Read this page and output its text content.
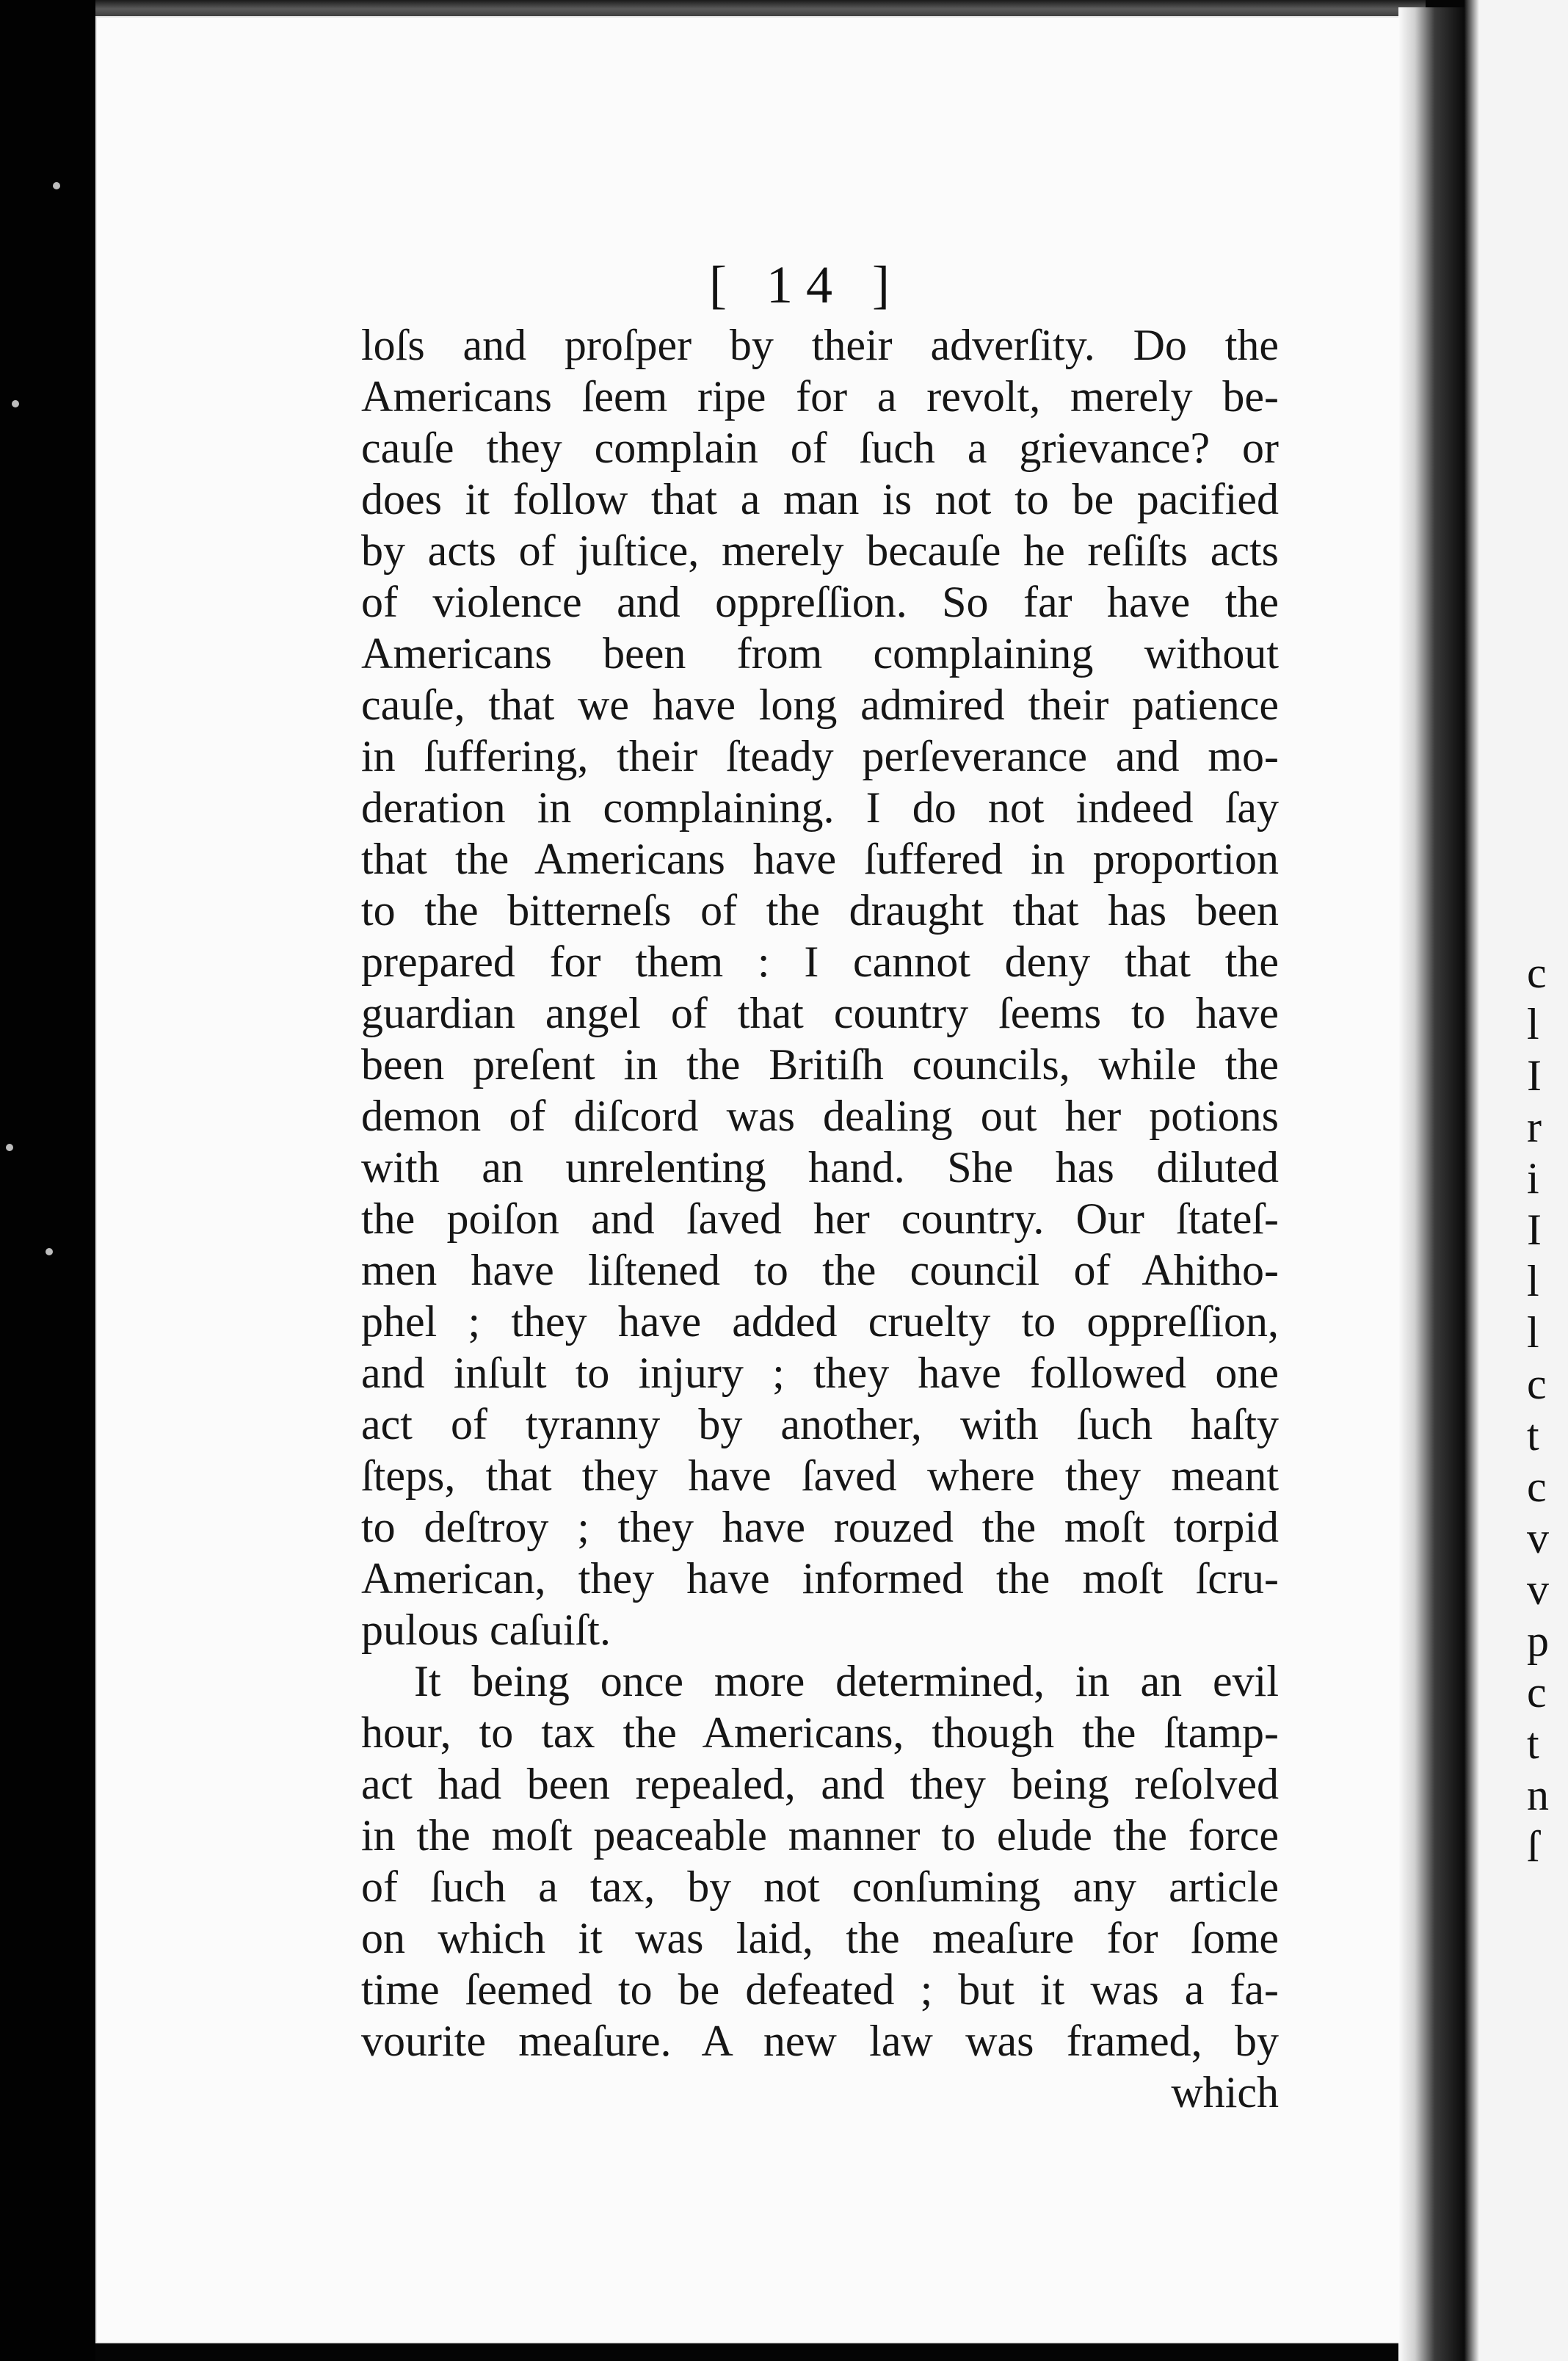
c
l
I
r
i
I
l
l
c
t
c
v
v
p
c
t
n
ſ
[ 14 ]
loſs and proſper by their adverſity. Do the
Americans ſeem ripe for a revolt, merely be-
cauſe they complain of ſuch a grievance? or
does it follow that a man is not to be pacified
by acts of juſtice, merely becauſe he reſiſts acts
of violence and oppreſſion. So far have the
Americans been from complaining without
cauſe, that we have long admired their patience
in ſuffering, their ſteady perſeverance and mo-
deration in complaining. I do not indeed ſay
that the Americans have ſuffered in proportion
to the bitterneſs of the draught that has been
prepared for them : I cannot deny that the
guardian angel of that country ſeems to have
been preſent in the Britiſh councils, while the
demon of diſcord was dealing out her potions
with an unrelenting hand. She has diluted
the poiſon and ſaved her country. Our ſtateſ-
men have liſtened to the council of Ahitho-
phel ; they have added cruelty to oppreſſion,
and inſult to injury ; they have followed one
act of tyranny by another, with ſuch haſty
ſteps, that they have ſaved where they meant
to deſtroy ; they have rouzed the moſt torpid
American, they have informed the moſt ſcru-
pulous caſuiſt.
It being once more determined, in an evil
hour, to tax the Americans, though the ſtamp-
act had been repealed, and they being reſolved
in the moſt peaceable manner to elude the force
of ſuch a tax, by not conſuming any article
on which it was laid, the meaſure for ſome
time ſeemed to be defeated ; but it was a fa-
vourite meaſure. A new law was framed, by
which
